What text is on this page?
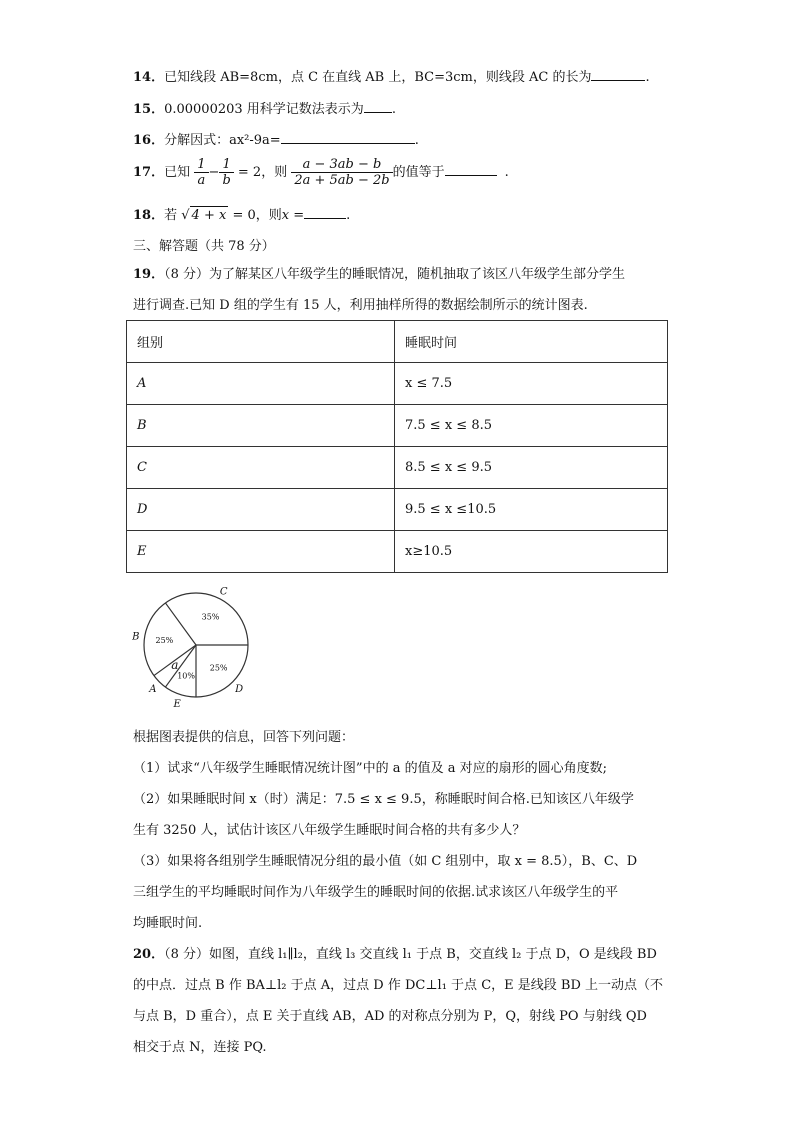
14．已知线段 AB=8cm，点 C 在直线 AB 上，BC=3cm，则线段 AC 的长为	.
15．0.00000203 用科学记数法表示为 .
16．分解因式：ax²-9a=	.
17．已知 $\frac{1}{a} - \frac{1}{b} = 2$，则 $\frac{a - 3ab - b}{2a + 5ab - 2b}$ 的值等于	.
18．若 √ 4 + x = 0，则x =	.
三、解答题（共 78 分）
19．（8 分）为了解某区八年级学生的睡眠情况，随机抽取了该区八年级学生部分学生
进行调查.已知 D 组的学生有 15 人，利用抽样所得的数据绘制所示的统计图表.
组别	睡眠时间
A	x ≤ 7.5
B	7.5 ≤ x ≤ 8.5
C	8.5 ≤ x ≤ 9.5
D	9.5 ≤ x ≤10.5
E	x≥10.5
35%
C
25%
D
10%
E
a
A
25%
B
根据图表提供的信息，回答下列问题：
（1）试求“八年级学生睡眠情况统计图”中的 a 的值及 a 对应的扇形的圆心角度数;
（2）如果睡眠时间 x（时）满足：7.5 ≤ x ≤ 9.5，称睡眠时间合格.已知该区八年级学
生有 3250 人，试估计该区八年级学生睡眠时间合格的共有多少人？
（3）如果将各组别学生睡眠情况分组的最小值（如 C 组别中，取 x = 8.5），B、C、D
三组学生的平均睡眠时间作为八年级学生的睡眠时间的依据.试求该区八年级学生的平
均睡眠时间.
20．（8 分）如图，直线 l₁∥l₂，直线 l₃ 交直线 l₁ 于点 B，交直线 l₂ 于点 D，O 是线段 BD
的中点．过点 B 作 BA⊥l₂ 于点 A，过点 D 作 DC⊥l₁ 于点 C，E 是线段 BD 上一动点（不
与点 B，D 重合），点 E 关于直线 AB，AD 的对称点分别为 P，Q，射线 PO 与射线 QD
相交于点 N，连接 PQ.
